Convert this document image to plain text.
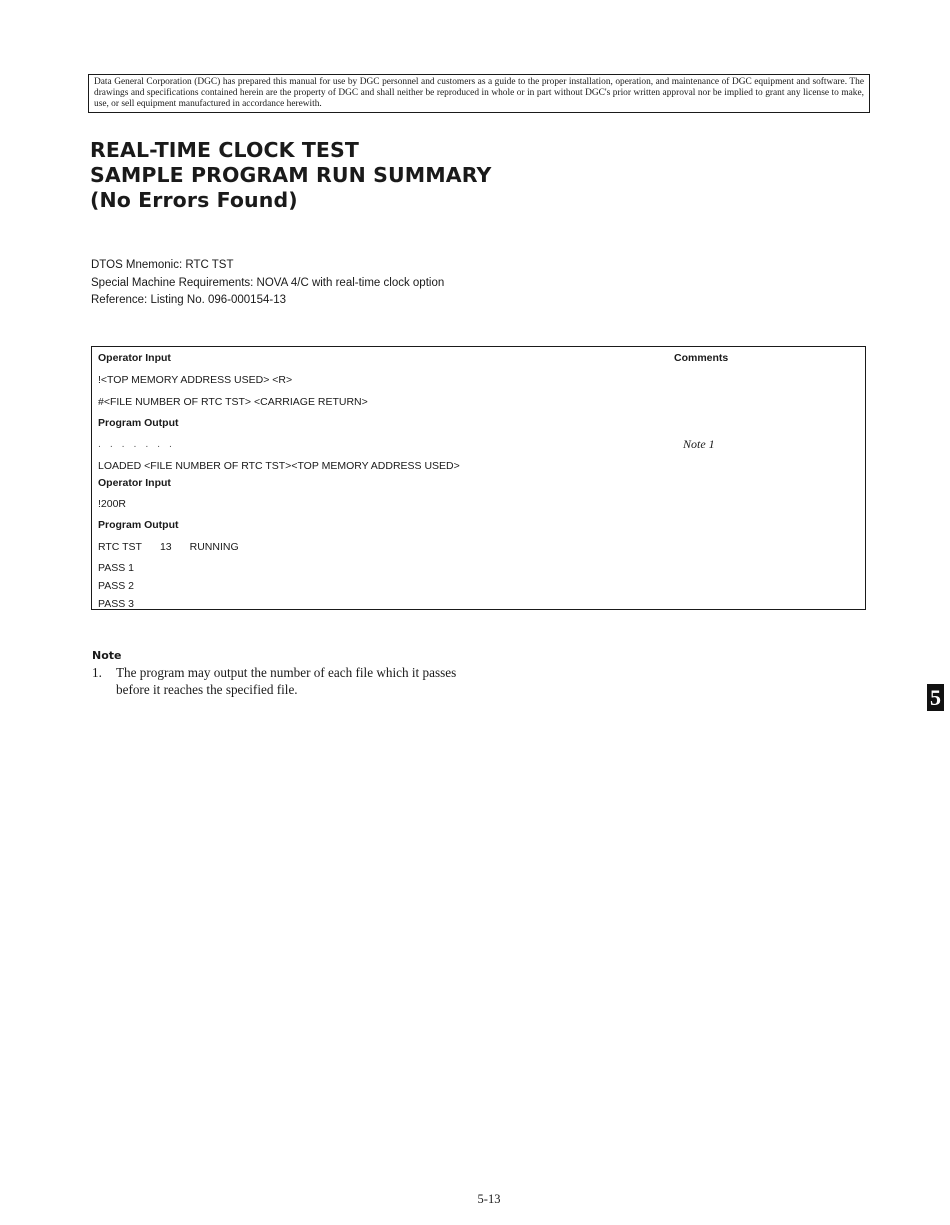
Data General Corporation (DGC) has prepared this manual for use by DGC personnel and customers as a guide to the proper installation, operation, and maintenance of DGC equipment and software. The drawings and specifications contained herein are the property of DGC and shall neither be reproduced in whole or in part without DGC's prior written approval nor be implied to grant any license to make, use, or sell equipment manufactured in accordance herewith.
REAL-TIME CLOCK TEST
SAMPLE PROGRAM RUN SUMMARY
(No Errors Found)
DTOS Mnemonic: RTC TST
Special Machine Requirements: NOVA 4/C with real-time clock option
Reference: Listing No. 096-000154-13
Operator Input	Comments
!<TOP MEMORY ADDRESS USED> <R>
#<FILE NUMBER OF RTC TST> <CARRIAGE RETURN>
Program Output
. . . . . . .	Note 1
LOADED <FILE NUMBER OF RTC TST><TOP MEMORY ADDRESS USED>
Operator Input
!200R
Program Output
RTC TST 13 RUNNING
PASS 1
PASS 2
PASS 3
Note
1.	The program may output the number of each file which it passes before it reaches the specified file.	5
5-13
